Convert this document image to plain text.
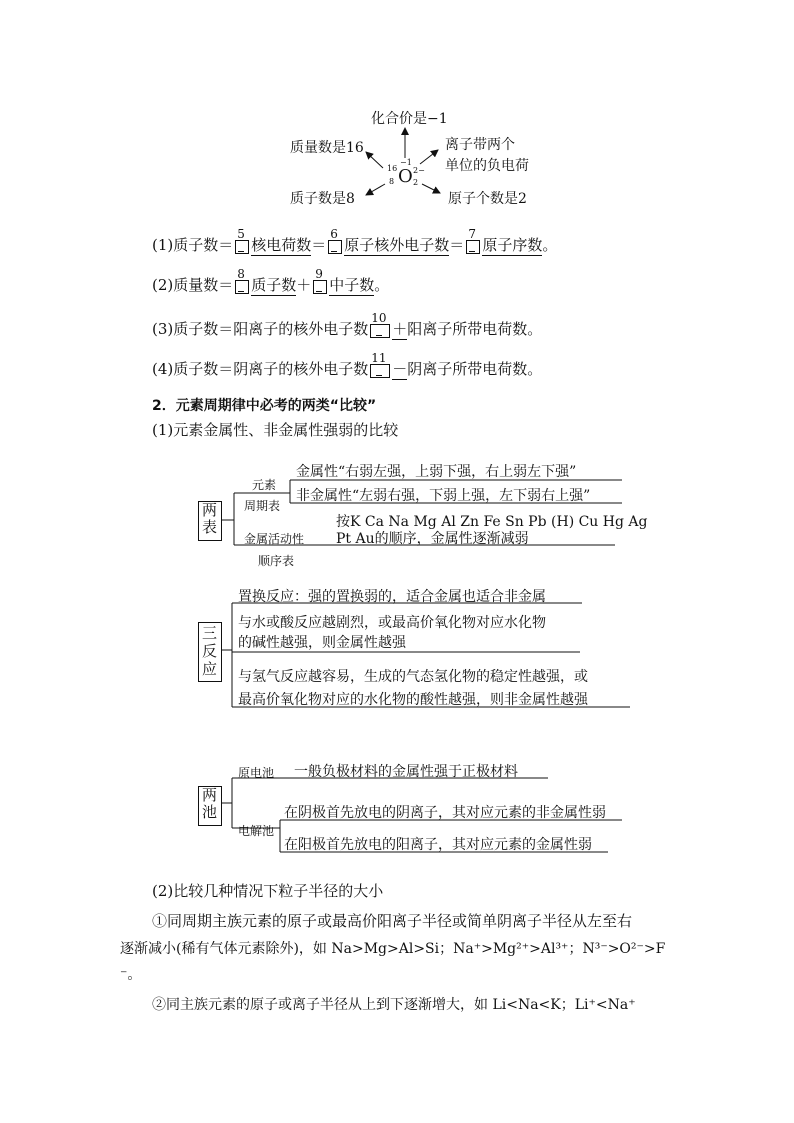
化合价是−1
质量数是16	离子带两个
单位的负电荷
质子数是8	原子个数是2
16
8 O
−1
2−
2
(1)质子数＝
5
核电荷数＝
6
原子核外电子数＝
7
原子序数。
(2)质量数＝
8
质子数＋
9
中子数。
(3)质子数＝阳离子的核外电子数
10
＋阳离子所带电荷数。
(4)质子数＝阴离子的核外电子数
11
－阴离子所带电荷数。
2．元素周期律中必考的两类“比较”
(1)元素金属性、非金属性强弱的比较
两表
元素
周期表
金属性“右弱左强，上弱下强，右上弱左下强”
非金属性“左弱右强，下弱上强，左下弱右上强”
金属活动性
顺序表
按K Ca Na Mg Al Zn Fe Sn Pb (H) Cu Hg Ag
Pt Au的顺序，金属性逐渐减弱
三反应
置换反应：强的置换弱的，适合金属也适合非金属
与水或酸反应越剧烈，或最高价氧化物对应水化物
的碱性越强，则金属性越强
与氢气反应越容易，生成的气态氢化物的稳定性越强，或
最高价氧化物对应的水化物的酸性越强，则非金属性越强
两池
原电池 一般负极材料的金属性强于正极材料
电解池
在阴极首先放电的阴离子，其对应元素的非金属性弱
在阳极首先放电的阳离子，其对应元素的金属性弱
(2)比较几种情况下粒子半径的大小
①同周期主族元素的原子或最高价阳离子半径或简单阴离子半径从左至右
逐渐减小(稀有气体元素除外)，如 Na>Mg>Al>Si；Na⁺>Mg²⁺>Al³⁺；N³⁻>O²⁻>F
⁻。
②同主族元素的原子或离子半径从上到下逐渐增大，如 Li<Na<K；Li⁺<Na⁺
